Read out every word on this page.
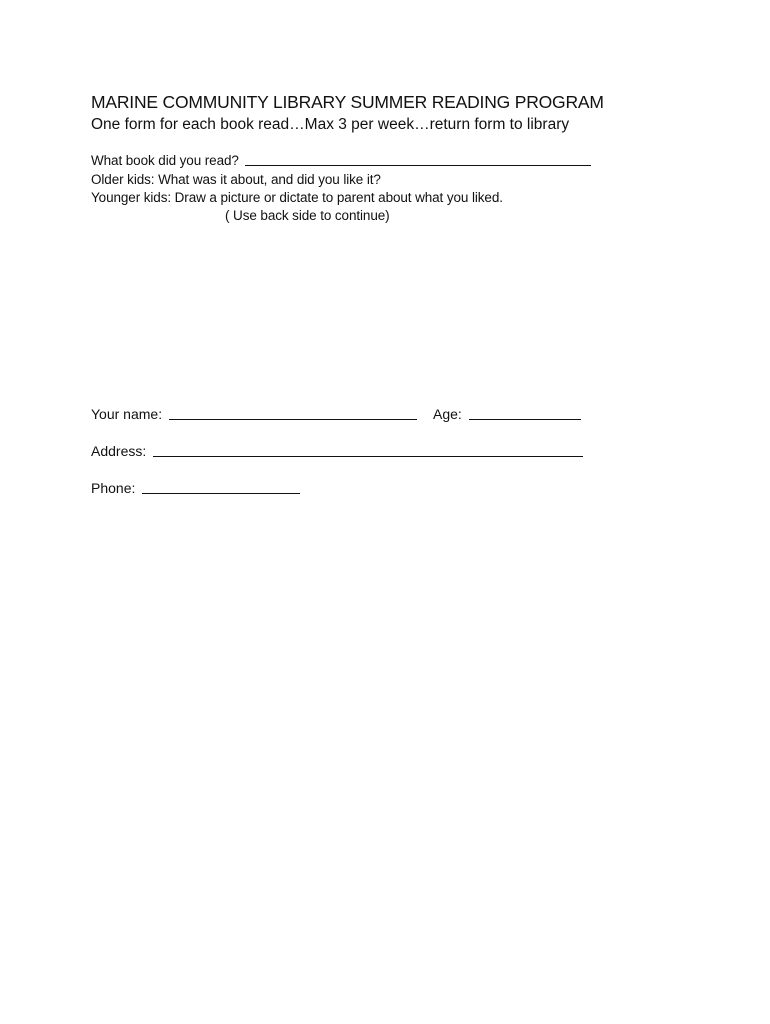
MARINE COMMUNITY LIBRARY SUMMER READING PROGRAM
One form for each book read…Max 3 per week…return form to library
What book did you read?
Older kids: What was it about, and did you like it?
Younger kids: Draw a picture or dictate to parent about what you liked.
( Use back side to continue)
Your name:	Age:
Address:
Phone:
